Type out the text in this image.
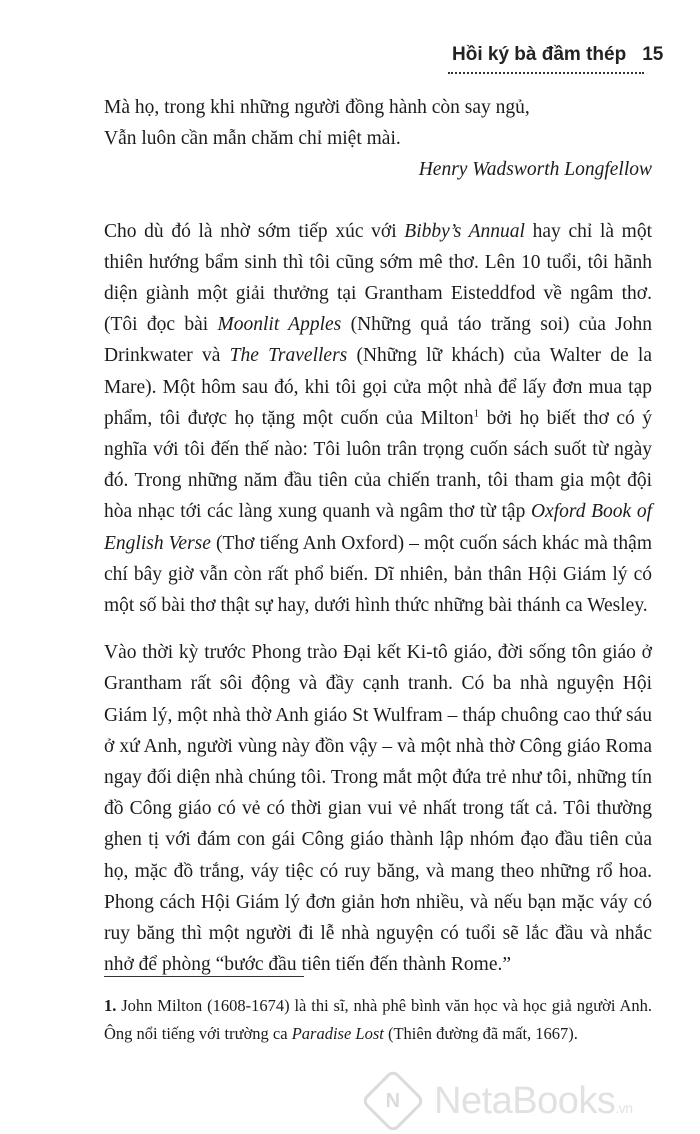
Hồi ký bà đầm thép 15
Mà họ, trong khi những người đồng hành còn say ngủ,
Vẫn luôn cần mẫn chăm chỉ miệt mài.
Henry Wadsworth Longfellow

Cho dù đó là nhờ sớm tiếp xúc với Bibby’s Annual hay chỉ là một thiên hướng bẩm sinh thì tôi cũng sớm mê thơ. Lên 10 tuổi, tôi hãnh diện giành một giải thưởng tại Grantham Eisteddfod về ngâm thơ. (Tôi đọc bài Moonlit Apples (Những quả táo trăng soi) của John Drinkwater và The Travellers (Những lữ khách) của Walter de la Mare). Một hôm sau đó, khi tôi gọi cửa một nhà để lấy đơn mua tạp phẩm, tôi được họ tặng một cuốn của Milton$^1$ bởi họ biết thơ có ý nghĩa với tôi đến thế nào: Tôi luôn trân trọng cuốn sách suốt từ ngày đó. Trong những năm đầu tiên của chiến tranh, tôi tham gia một đội hòa nhạc tới các làng xung quanh và ngâm thơ từ tập Oxford Book of English Verse (Thơ tiếng Anh Oxford) – một cuốn sách khác mà thậm chí bây giờ vẫn còn rất phổ biến. Dĩ nhiên, bản thân Hội Giám lý có một số bài thơ thật sự hay, dưới hình thức những bài thánh ca Wesley.

Vào thời kỳ trước Phong trào Đại kết Ki-tô giáo, đời sống tôn giáo ở Grantham rất sôi động và đầy cạnh tranh. Có ba nhà nguyện Hội Giám lý, một nhà thờ Anh giáo St Wulfram – tháp chuông cao thứ sáu ở xứ Anh, người vùng này đồn vậy – và một nhà thờ Công giáo Roma ngay đối diện nhà chúng tôi. Trong mắt một đứa trẻ như tôi, những tín đồ Công giáo có vẻ có thời gian vui vẻ nhất trong tất cả. Tôi thường ghen tị với đám con gái Công giáo thành lập nhóm đạo đầu tiên của họ, mặc đồ trắng, váy tiệc có ruy băng, và mang theo những rổ hoa. Phong cách Hội Giám lý đơn giản hơn nhiều, và nếu bạn mặc váy có ruy băng thì một người đi lễ nhà nguyện có tuổi sẽ lắc đầu và nhắc nhở để phòng “bước đầu tiên tiến đến thành Rome.”

1. John Milton (1608-1674) là thi sĩ, nhà phê bình văn học và học giả người Anh. Ông nổi tiếng với trường ca Paradise Lost (Thiên đường đã mất, 1667).
N NetaBooks.vn
